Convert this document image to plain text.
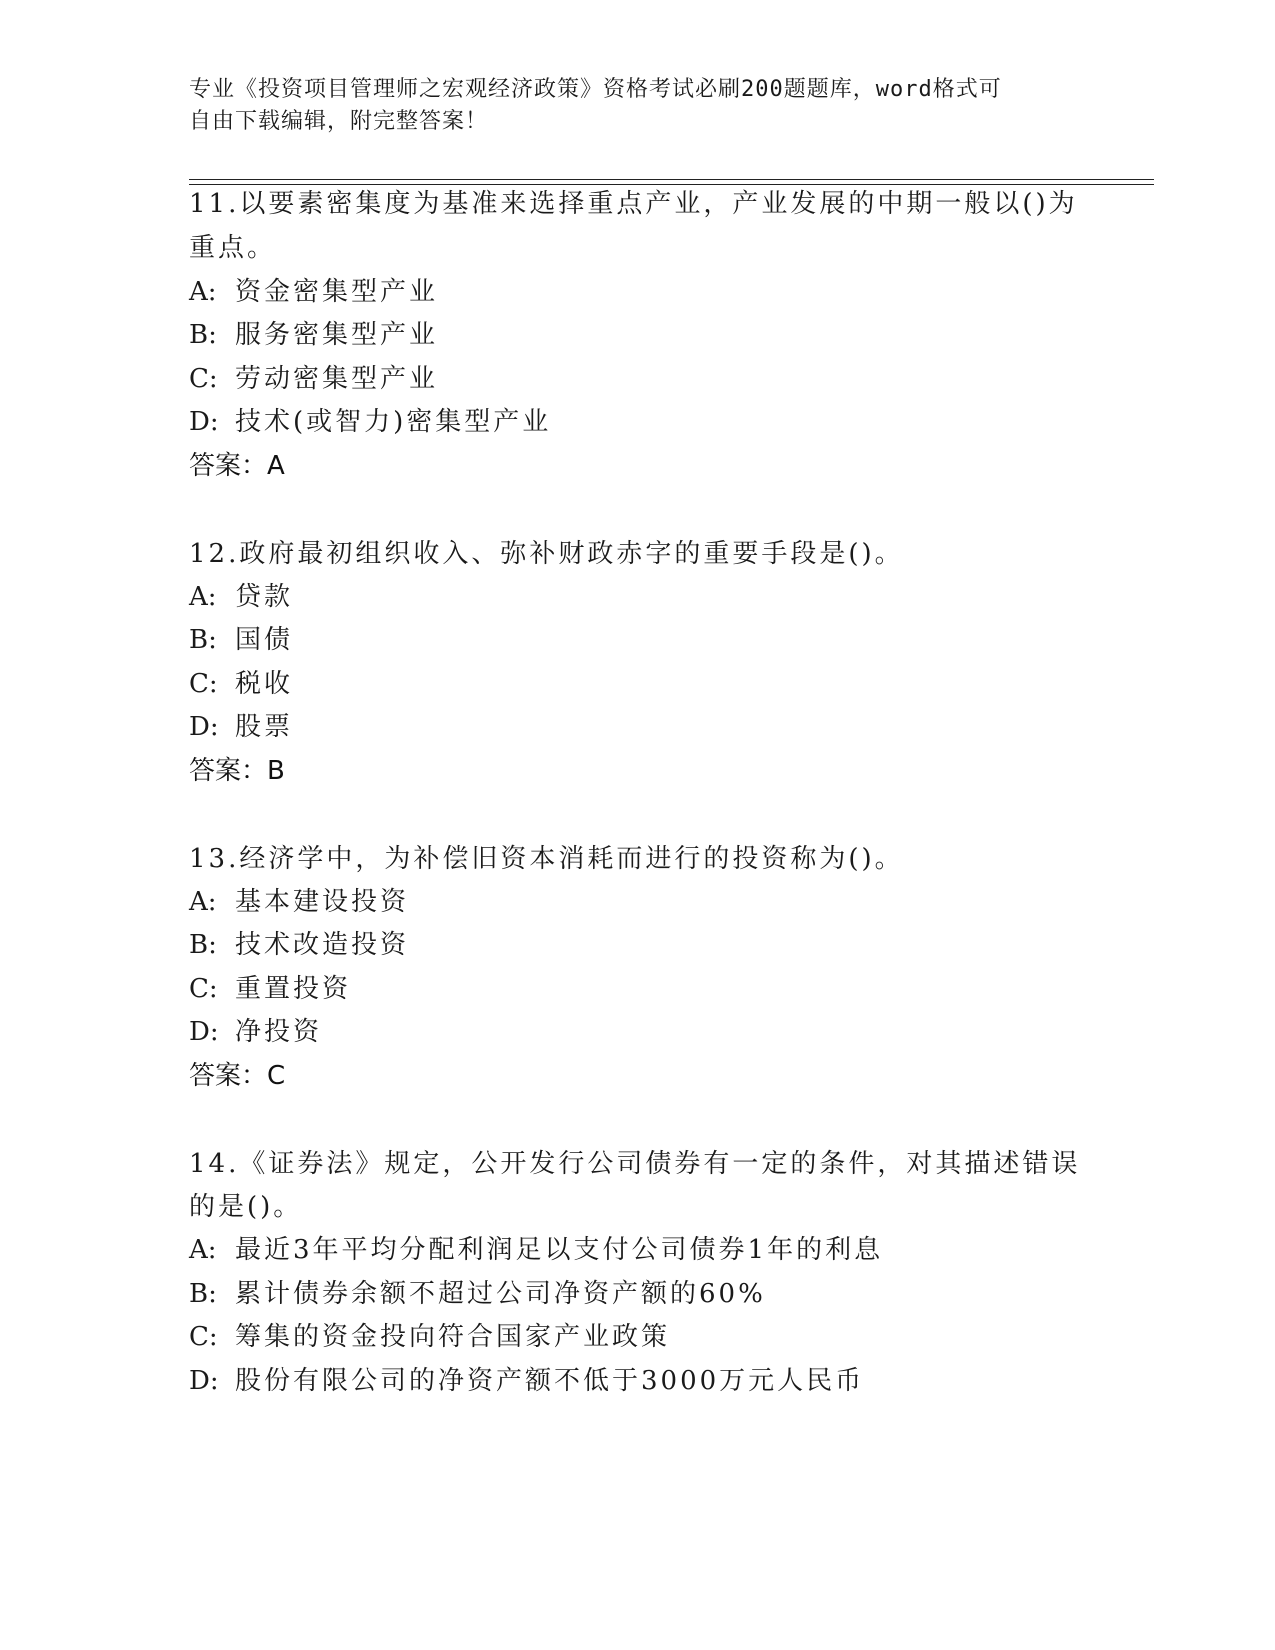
专业《投资项目管理师之宏观经济政策》资格考试必刷200题题库，word格式可
自由下载编辑，附完整答案！
11.以要素密集度为基准来选择重点产业，产业发展的中期一般以()为
重点。
A: 资金密集型产业
B: 服务密集型产业
C: 劳动密集型产业
D: 技术(或智力)密集型产业
答案：A
12.政府最初组织收入、弥补财政赤字的重要手段是()。
A: 贷款
B: 国债
C: 税收
D: 股票
答案：B
13.经济学中，为补偿旧资本消耗而进行的投资称为()。
A: 基本建设投资
B: 技术改造投资
C: 重置投资
D: 净投资
答案：C
14.《证券法》规定，公开发行公司债券有一定的条件，对其描述错误
的是()。
A: 最近3年平均分配利润足以支付公司债券1年的利息
B: 累计债券余额不超过公司净资产额的60%
C: 筹集的资金投向符合国家产业政策
D: 股份有限公司的净资产额不低于3000万元人民币
